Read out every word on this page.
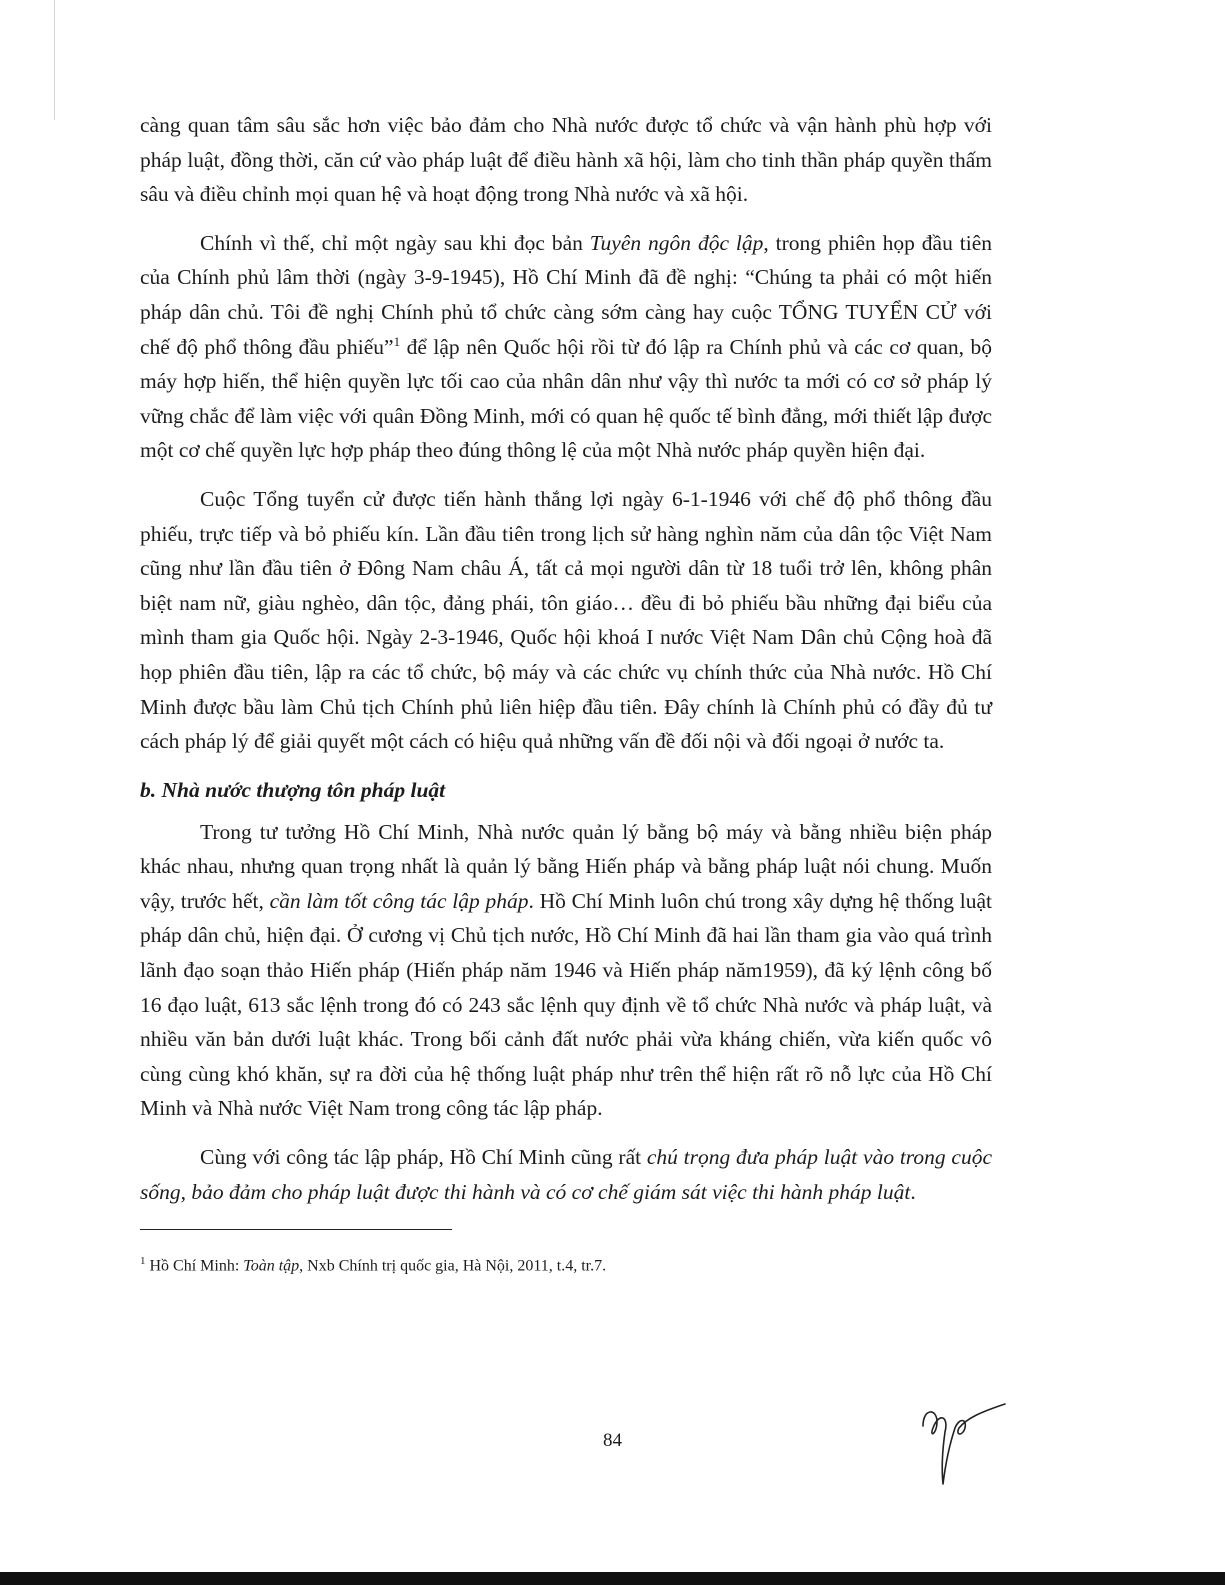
càng quan tâm sâu sắc hơn việc bảo đảm cho Nhà nước được tổ chức và vận hành phù hợp với pháp luật, đồng thời, căn cứ vào pháp luật để điều hành xã hội, làm cho tinh thần pháp quyền thấm sâu và điều chỉnh mọi quan hệ và hoạt động trong Nhà nước và xã hội.

Chính vì thế, chỉ một ngày sau khi đọc bản Tuyên ngôn độc lập, trong phiên họp đầu tiên của Chính phủ lâm thời (ngày 3-9-1945), Hồ Chí Minh đã đề nghị: “Chúng ta phải có một hiến pháp dân chủ. Tôi đề nghị Chính phủ tổ chức càng sớm càng hay cuộc TỔNG TUYỂN CỬ với chế độ phổ thông đầu phiếu”$^1$ để lập nên Quốc hội rồi từ đó lập ra Chính phủ và các cơ quan, bộ máy hợp hiến, thể hiện quyền lực tối cao của nhân dân như vậy thì nước ta mới có cơ sở pháp lý vững chắc để làm việc với quân Đồng Minh, mới có quan hệ quốc tế bình đẳng, mới thiết lập được một cơ chế quyền lực hợp pháp theo đúng thông lệ của một Nhà nước pháp quyền hiện đại.

Cuộc Tổng tuyển cử được tiến hành thắng lợi ngày 6-1-1946 với chế độ phổ thông đầu phiếu, trực tiếp và bỏ phiếu kín. Lần đầu tiên trong lịch sử hàng nghìn năm của dân tộc Việt Nam cũng như lần đầu tiên ở Đông Nam châu Á, tất cả mọi người dân từ 18 tuổi trở lên, không phân biệt nam nữ, giàu nghèo, dân tộc, đảng phái, tôn giáo… đều đi bỏ phiếu bầu những đại biểu của mình tham gia Quốc hội. Ngày 2-3-1946, Quốc hội khoá I nước Việt Nam Dân chủ Cộng hoà đã họp phiên đầu tiên, lập ra các tổ chức, bộ máy và các chức vụ chính thức của Nhà nước. Hồ Chí Minh được bầu làm Chủ tịch Chính phủ liên hiệp đầu tiên. Đây chính là Chính phủ có đầy đủ tư cách pháp lý để giải quyết một cách có hiệu quả những vấn đề đối nội và đối ngoại ở nước ta.

b. Nhà nước thượng tôn pháp luật

Trong tư tưởng Hồ Chí Minh, Nhà nước quản lý bằng bộ máy và bằng nhiều biện pháp khác nhau, nhưng quan trọng nhất là quản lý bằng Hiến pháp và bằng pháp luật nói chung. Muốn vậy, trước hết, cần làm tốt công tác lập pháp. Hồ Chí Minh luôn chú trong xây dựng hệ thống luật pháp dân chủ, hiện đại. Ở cương vị Chủ tịch nước, Hồ Chí Minh đã hai lần tham gia vào quá trình lãnh đạo soạn thảo Hiến pháp (Hiến pháp năm 1946 và Hiến pháp năm1959), đã ký lệnh công bố 16 đạo luật, 613 sắc lệnh trong đó có 243 sắc lệnh quy định về tổ chức Nhà nước và pháp luật, và nhiều văn bản dưới luật khác. Trong bối cảnh đất nước phải vừa kháng chiến, vừa kiến quốc vô cùng cùng khó khăn, sự ra đời của hệ thống luật pháp như trên thể hiện rất rõ nỗ lực của Hồ Chí Minh và Nhà nước Việt Nam trong công tác lập pháp.

Cùng với công tác lập pháp, Hồ Chí Minh cũng rất chú trọng đưa pháp luật vào trong cuộc sống, bảo đảm cho pháp luật được thi hành và có cơ chế giám sát việc thi hành pháp luật.

$^1$ Hồ Chí Minh: Toàn tập, Nxb Chính trị quốc gia, Hà Nội, 2011, t.4, tr.7.
84
